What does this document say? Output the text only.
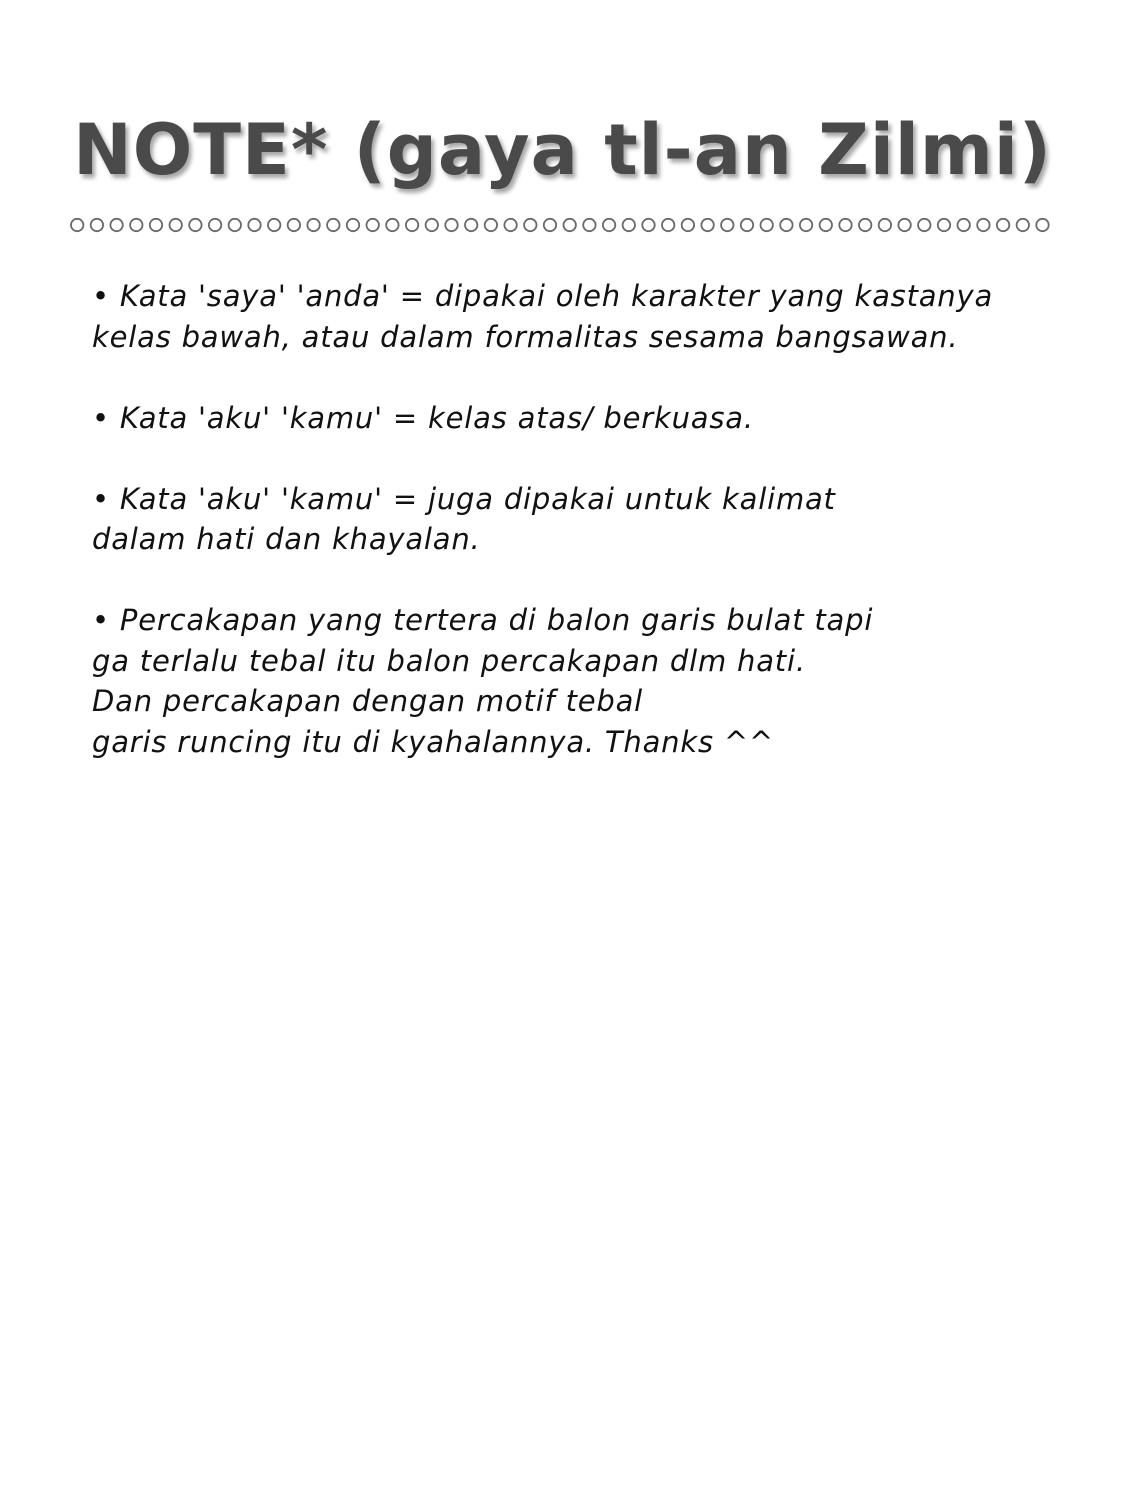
NOTE* (gaya tl-an Zilmi)
• Kata 'saya' 'anda' = dipakai oleh karakter yang kastanya
kelas bawah, atau dalam formalitas sesama bangsawan.
• Kata 'aku' 'kamu' = kelas atas/ berkuasa.
• Kata 'aku' 'kamu' = juga dipakai untuk kalimat
dalam hati dan khayalan.
• Percakapan yang tertera di balon garis bulat tapi
ga terlalu tebal itu balon percakapan dlm hati.
Dan percakapan dengan motif tebal
garis runcing itu di kyahalannya. Thanks ^^
